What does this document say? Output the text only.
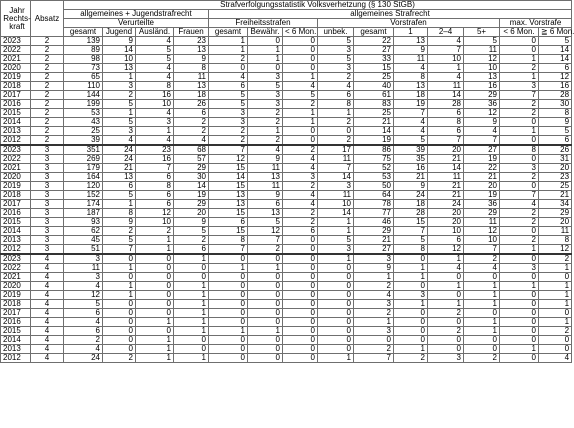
Jahr Rechts-kraft	Absatz	Strafverfolgungsstatistik Volksverhetzung (§ 130 StGB)													
		allgemeines + Jugendstrafrecht				allgemeines Strafrecht									
		Verurteilte				Freiheitsstrafen			Vorstrafen					max. Vorstrafe	
		gesamt	Jugend	Ausländ.	Frauen	gesamt	Bewähr.	< 6 Mon.	unbek.	gesamt	1	2–4	5+	< 6 Mon.	≧ 6 Mon.
2023	2	139	9	4	23	1	0	0	5	22	13	4	5	0	5
2022	2	89	14	5	13	1	1	0	3	27	9	7	11	0	14
2021	2	98	10	5	9	2	1	0	5	33	11	10	12	1	14
2020	2	73	13	4	8	0	0	0	3	15	4	1	10	2	6
2019	2	65	1	4	11	4	3	1	2	25	8	4	13	1	12
2018	2	110	3	8	13	6	5	4	4	40	13	11	16	3	16
2017	2	144	2	16	18	5	3	5	6	61	18	14	29	7	28
2016	2	199	5	10	26	5	3	2	8	83	19	28	36	2	30
2015	2	53	1	4	6	3	2	1	1	25	7	6	12	2	8
2014	2	43	5	3	2	3	2	1	2	21	4	8	9	0	9
2013	2	25	3	1	2	2	1	0	0	14	4	6	4	1	5
2012	2	39	4	4	4	2	2	0	2	19	5	7	7	0	6
2023	3	351	24	23	68	7	4	2	17	86	39	20	27	8	26
2022	3	269	24	16	57	12	9	4	11	75	35	21	19	0	31
2021	3	179	21	7	29	15	11	4	7	52	16	14	22	3	20
2020	3	164	13	6	30	14	13	3	14	53	21	11	21	2	23
2019	3	120	6	8	14	15	11	2	3	50	9	21	20	0	25
2018	3	152	5	6	19	13	9	4	11	64	24	21	19	7	21
2017	3	174	1	6	29	13	6	4	10	78	18	24	36	4	34
2016	3	187	8	12	20	15	13	2	14	77	28	20	29	2	29
2015	3	93	9	10	9	6	5	2	1	46	15	20	11	2	20
2014	3	62	2	2	5	15	12	6	1	29	7	10	12	0	11
2013	3	45	5	1	2	8	7	0	5	21	5	6	10	2	8
2012	3	51	7	1	6	7	2	0	3	27	8	12	7	1	12
2023	4	3	0	0	1	0	0	0	1	3	0	1	2	0	2
2022	4	11	1	0	0	1	1	0	0	9	1	4	4	3	1
2021	4	3	0	0	0	0	0	0	0	1	1	0	0	0	0
2020	4	4	1	0	1	0	0	0	0	2	0	1	1	1	1
2019	4	12	1	0	1	0	0	0	0	4	3	0	1	0	1
2018	4	5	0	0	1	0	0	0	0	3	1	1	1	0	1
2017	4	6	0	0	1	0	0	0	0	2	0	2	0	0	0
2016	4	4	0	1	1	0	0	0	0	1	0	0	1	0	1
2015	4	6	0	0	1	1	1	0	0	3	0	2	1	0	2
2014	4	2	0	1	0	0	0	0	0	0	0	0	0	0	0
2013	4	4	0	1	0	0	0	0	0	2	1	0	0	1	0
2012	4	24	2	1	1	0	0	0	1	7	2	3	2	0	4
